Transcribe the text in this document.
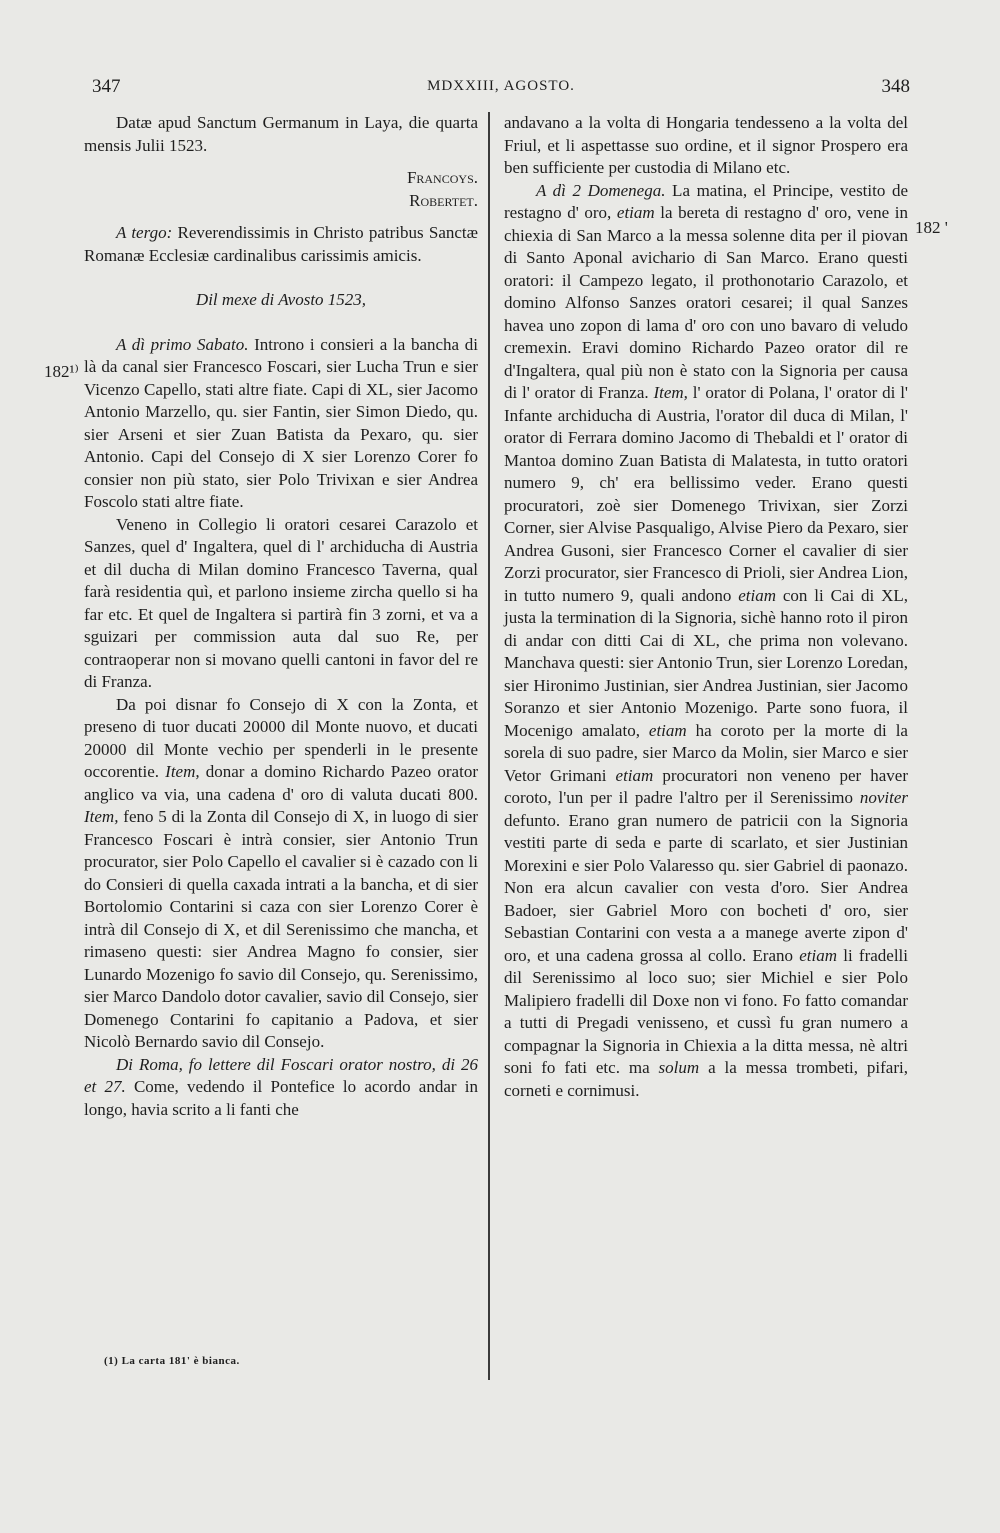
347	MDXXIII, AGOSTO.	348
182¹⁾
182 '

Datæ apud Sanctum Germanum in Laya, die quarta mensis Julii 1523.

Francoys.

Robertet.

A tergo: Reverendissimis in Christo patribus Sanctæ Romanæ Ecclesiæ cardinalibus carissimis amicis.

Dil mexe di Avosto 1523,

A dì primo Sabato. Introno i consieri a la bancha di là da canal sier Francesco Foscari, sier Lucha Trun e sier Vicenzo Capello, stati altre fiate. Capi di XL, sier Jacomo Antonio Marzello, qu. sier Fantin, sier Simon Diedo, qu. sier Arseni et sier Zuan Batista da Pexaro, qu. sier Antonio. Capi del Consejo di X sier Lorenzo Corer fo consier non più stato, sier Polo Trivixan e sier Andrea Foscolo stati altre fiate.

Veneno in Collegio li oratori cesarei Carazolo et Sanzes, quel d' Ingaltera, quel di l' archiducha di Austria et dil ducha di Milan domino Francesco Taverna, qual farà residentia quì, et parlono insieme zircha quello si ha far etc. Et quel de Ingaltera si partirà fin 3 zorni, et va a sguizari per commission auta dal suo Re, per contraoperar non si movano quelli cantoni in favor del re di Franza.

Da poi disnar fo Consejo di X con la Zonta, et preseno di tuor ducati 20000 dil Monte nuovo, et ducati 20000 dil Monte vechio per spenderli in le presente occorentie. Item, donar a domino Richardo Pazeo orator anglico va via, una cadena d' oro di valuta ducati 800. Item, feno 5 di la Zonta dil Consejo di X, in luogo di sier Francesco Foscari è intrà consier, sier Antonio Trun procurator, sier Polo Capello el cavalier si è cazado con li do Consieri di quella caxada intrati a la bancha, et di sier Bortolomio Contarini si caza con sier Lorenzo Corer è intrà dil Consejo di X, et dil Serenissimo che mancha, et rimaseno questi: sier Andrea Magno fo consier, sier Lunardo Mozenigo fo savio dil Consejo, qu. Serenissimo, sier Marco Dandolo dotor cavalier, savio dil Consejo, sier Domenego Contarini fo capitanio a Padova, et sier Nicolò Bernardo savio dil Consejo.

Di Roma, fo lettere dil Foscari orator nostro, di 26 et 27. Come, vedendo il Pontefice lo acordo andar in longo, havia scrito a li fanti che

andavano a la volta di Hongaria tendesseno a la volta del Friul, et li aspettasse suo ordine, et il signor Prospero era ben sufficiente per custodia di Milano etc.

A dì 2 Domenega. La matina, el Principe, vestito de restagno d' oro, etiam la bereta di restagno d' oro, vene in chiexia di San Marco a la messa solenne dita per il piovan di Santo Aponal avichario di San Marco. Erano questi oratori: il Campezo legato, il prothonotario Carazolo, et domino Alfonso Sanzes oratori cesarei; il qual Sanzes havea uno zopon di lama d' oro con uno bavaro di veludo cremexin. Eravi domino Richardo Pazeo orator dil re d'Ingaltera, qual più non è stato con la Signoria per causa di l' orator di Franza. Item, l' orator di Polana, l' orator di l' Infante archiducha di Austria, l'orator dil duca di Milan, l' orator di Ferrara domino Jacomo di Thebaldi et l' orator di Mantoa domino Zuan Batista di Malatesta, in tutto oratori numero 9, ch' era bellissimo veder. Erano questi procuratori, zoè sier Domenego Trivixan, sier Zorzi Corner, sier Alvise Pasqualigo, Alvise Piero da Pexaro, sier Andrea Gusoni, sier Francesco Corner el cavalier di sier Zorzi procurator, sier Francesco di Prioli, sier Andrea Lion, in tutto numero 9, quali andono etiam con li Cai di XL, justa la termination di la Signoria, sichè hanno roto il piron di andar con ditti Cai di XL, che prima non volevano. Manchava questi: sier Antonio Trun, sier Lorenzo Loredan, sier Hironimo Justinian, sier Andrea Justinian, sier Jacomo Soranzo et sier Antonio Mozenigo. Parte sono fuora, il Mocenigo amalato, etiam ha coroto per la morte di la sorela di suo padre, sier Marco da Molin, sier Marco e sier Vetor Grimani etiam procuratori non veneno per haver coroto, l'un per il padre l'altro per il Serenissimo noviter defunto. Erano gran numero de patricii con la Signoria vestiti parte di seda e parte di scarlato, et sier Justinian Morexini e sier Polo Valaresso qu. sier Gabriel di paonazo. Non era alcun cavalier con vesta d'oro. Sier Andrea Badoer, sier Gabriel Moro con bocheti d' oro, sier Sebastian Contarini con vesta a a manege averte zipon d' oro, et una cadena grossa al collo. Erano etiam li fradelli dil Serenissimo al loco suo; sier Michiel e sier Polo Malipiero fradelli dil Doxe non vi fono. Fo fatto comandar a tutti di Pregadi venisseno, et cussì fu gran numero a compagnar la Signoria in Chiexia a la ditta messa, nè altri soni fo fati etc. ma solum a la messa trombeti, pifari, corneti e cornimusi.

(1) La carta 181' è bianca.
